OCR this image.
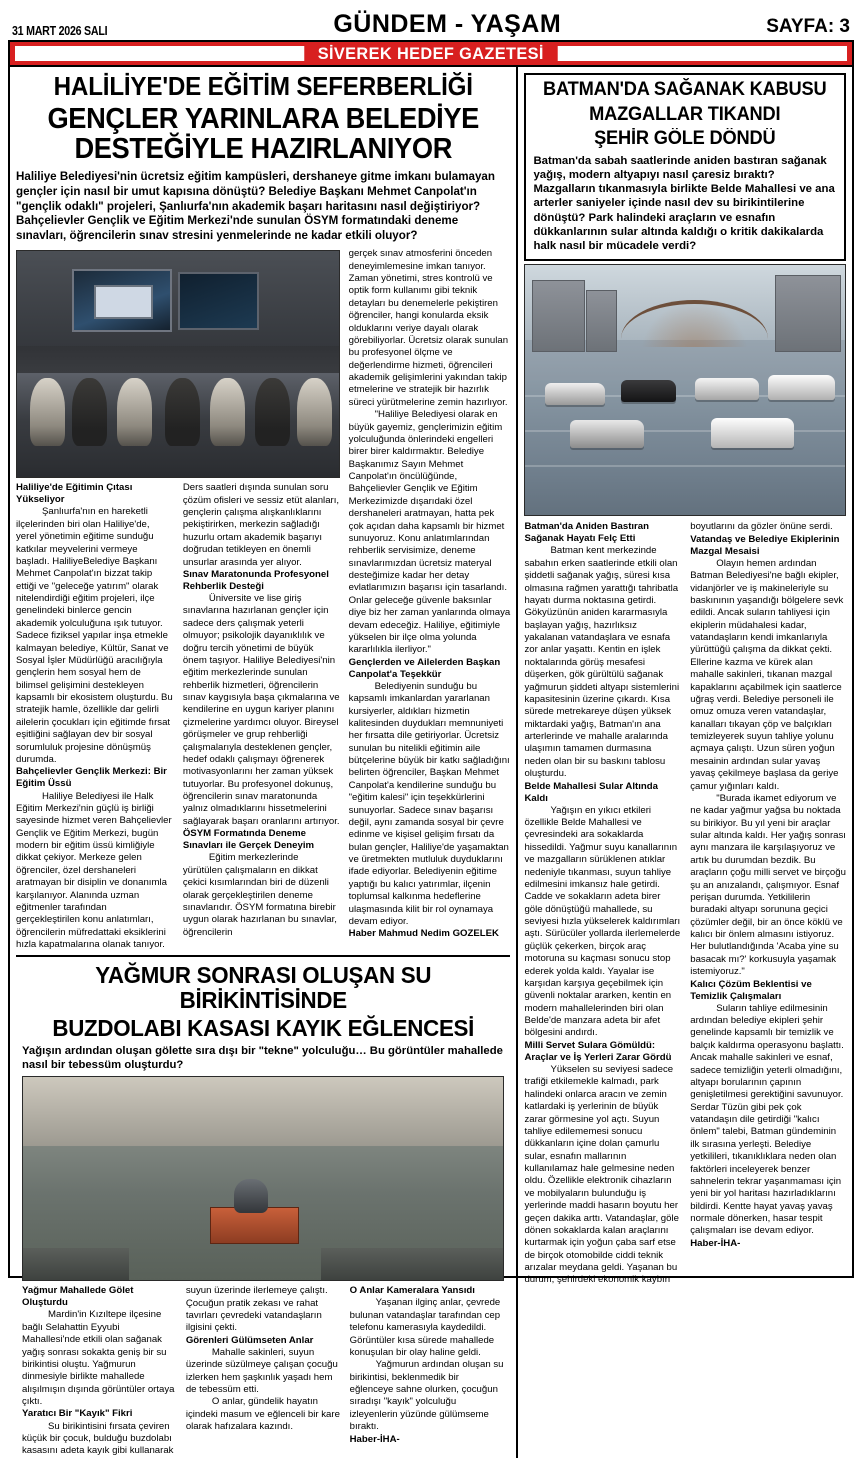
31 MART 2026 SALI	GÜNDEM - YAŞAM	SAYFA: 3
SİVEREK HEDEF GAZETESİ
HALİLİYE'DE EĞİTİM SEFERBERLİĞİ
GENÇLER YARINLARA BELEDİYE DESTEĞİYLE HAZIRLANIYOR

Haliliye Belediyesi'nin ücretsiz eğitim kampüsleri, dershaneye gitme imkanı bulamayan gençler için nasıl bir umut kapısına dönüştü? Belediye Başkanı Mehmet Canpolat'ın "gençlik odaklı" projeleri, Şanlıurfa'nın akademik başarı haritasını nasıl değiştiriyor? Bahçelievler Gençlik ve Eğitim Merkezi'nde sunulan ÖSYM formatındaki deneme sınavları, öğrencilerin sınav stresini yenmelerinde ne kadar etkili oluyor?

Haliliye'de Eğitimin Çıtası Yükseliyor

Şanlıurfa'nın en hareketli ilçelerinden biri olan Haliliye'de, yerel yönetimin eğitime sunduğu katkılar meyvelerini vermeye başladı. HaliliyeBelediye Başkanı Mehmet Canpolat'ın bizzat takip ettiği ve "geleceğe yatırım" olarak nitelendirdiği eğitim projeleri, ilçe genelindeki binlerce gencin akademik yolculuğuna ışık tutuyor. Sadece fiziksel yapılar inşa etmekle kalmayan belediye, Kültür, Sanat ve Sosyal İşler Müdürlüğü aracılığıyla gençlerin hem sosyal hem de bilimsel gelişimini destekleyen kapsamlı bir ekosistem oluşturdu. Bu stratejik hamle, özellikle dar gelirli ailelerin çocukları için eğitimde fırsat eşitliğini sağlayan dev bir sosyal sorumluluk projesine dönüşmüş durumda.

Bahçelievler Gençlik Merkezi: Bir Eğitim Üssü

Haliliye Belediyesi ile Halk Eğitim Merkezi'nin güçlü iş birliği sayesinde hizmet veren Bahçelievler Gençlik ve Eğitim Merkezi, bugün modern bir eğitim üssü kimliğiyle dikkat çekiyor. Merkeze gelen öğrenciler, özel dershaneleri aratmayan bir disiplin ve donanımla karşılanıyor. Alanında uzman eğitmenler tarafından gerçekleştirilen konu anlatımları, öğrencilerin müfredattaki eksiklerini hızla kapatmalarına olanak tanıyor.

Ders saatleri dışında sunulan soru çözüm ofisleri ve sessiz etüt alanları, gençlerin çalışma alışkanlıklarını pekiştirirken, merkezin sağladığı huzurlu ortam akademik başarıyı doğrudan tetikleyen en önemli unsurlar arasında yer alıyor.

Sınav Maratonunda Profesyonel Rehberlik Desteği

Üniversite ve lise giriş sınavlarına hazırlanan gençler için sadece ders çalışmak yeterli olmuyor; psikolojik dayanıklılık ve doğru tercih yönetimi de büyük önem taşıyor. Haliliye Belediyesi'nin eğitim merkezlerinde sunulan rehberlik hizmetleri, öğrencilerin sınav kaygısıyla başa çıkmalarına ve kendilerine en uygun kariyer planını çizmelerine yardımcı oluyor. Bireysel görüşmeler ve grup rehberliği çalışmalarıyla desteklenen gençler, hedef odaklı çalışmayı öğrenerek motivasyonlarını her zaman yüksek tutuyorlar. Bu profesyonel dokunuş, öğrencilerin sınav maratonunda yalnız olmadıklarını hissetmelerini sağlayarak başarı oranlarını artırıyor.

ÖSYM Formatında Deneme Sınavları ile Gerçek Deneyim

Eğitim merkezlerinde yürütülen çalışmaların en dikkat çekici kısımlarından biri de düzenli olarak gerçekleştirilen deneme sınavlarıdır. ÖSYM formatına birebir uygun olarak hazırlanan bu sınavlar, öğrencilerin

gerçek sınav atmosferini önceden deneyimlemesine imkan tanıyor. Zaman yönetimi, stres kontrolü ve optik form kullanımı gibi teknik detayları bu denemelerle pekiştiren öğrenciler, hangi konularda eksik olduklarını veriye dayalı olarak görebiliyorlar. Ücretsiz olarak sunulan bu profesyonel ölçme ve değerlendirme hizmeti, öğrencileri akademik gelişimlerini yakından takip etmelerine ve stratejik bir hazırlık süreci yürütmelerine zemin hazırlıyor.

"Haliliye Belediyesi olarak en büyük gayemiz, gençlerimizin eğitim yolculuğunda önlerindeki engelleri birer birer kaldırmaktır. Belediye Başkanımız Sayın Mehmet Canpolat'ın öncülüğünde, Bahçelievler Gençlik ve Eğitim Merkezimizde dışarıdaki özel dershaneleri aratmayan, hatta pek çok açıdan daha kapsamlı bir hizmet sunuyoruz. Konu anlatımlarından rehberlik servisimize, deneme sınavlarımızdan ücretsiz materyal desteğimize kadar her detay evlatlarımızın başarısı için tasarlandı. Onlar geleceğe güvenle baksınlar diye biz her zaman yanlarında olmaya devam edeceğiz. Haliliye, eğitimiyle yükselen bir ilçe olma yolunda kararlılıkla ilerliyor."

Gençlerden ve Ailelerden Başkan Canpolat'a Teşekkür

Belediyenin sunduğu bu kapsamlı imkanlardan yararlanan kursiyerler, aldıkları hizmetin kalitesinden duydukları memnuniyeti her fırsatta dile getiriyorlar. Ücretsiz sunulan bu nitelikli eğitimin aile bütçelerine büyük bir katkı sağladığını belirten öğrenciler, Başkan Mehmet Canpolat'a kendilerine sunduğu bu "eğitim kalesi" için teşekkürlerini sunuyorlar. Sadece sınav başarısı değil, aynı zamanda sosyal bir çevre edinme ve kişisel gelişim fırsatı da bulan gençler, Haliliye'de yaşamaktan ve üretmekten mutluluk duyduklarını ifade ediyorlar. Belediyenin eğitime yaptığı bu kalıcı yatırımlar, ilçenin toplumsal kalkınma hedeflerine ulaşmasında kilit bir rol oynamaya devam ediyor.

Haber Mahmud Nedim GOZELEK

YAĞMUR SONRASI OLUŞAN SU BİRİKİNTİSİNDE
BUZDOLABI KASASI KAYIK EĞLENCESİ

Yağışın ardından oluşan gölette sıra dışı bir "tekne" yolculuğu… Bu görüntüler mahallede nasıl bir tebessüm oluşturdu?

Yağmur Mahallede Gölet Oluşturdu

Mardin'in Kızıltepe ilçesine bağlı Selahattin Eyyubi Mahallesi'nde etkili olan sağanak yağış sonrası sokakta geniş bir su birikintisi oluştu. Yağmurun dinmesiyle birlikte mahallede alışılmışın dışında görüntüler ortaya çıktı.

Yaratıcı Bir "Kayık" Fikri

Su birikintisini fırsata çeviren küçük bir çocuk, bulduğu buzdolabı kasasını adeta kayık gibi kullanarak

suyun üzerinde ilerlemeye çalıştı. Çocuğun pratik zekası ve rahat tavırları çevredeki vatandaşların ilgisini çekti.

Görenleri Gülümseten Anlar

Mahalle sakinleri, suyun üzerinde süzülmeye çalışan çocuğu izlerken hem şaşkınlık yaşadı hem de tebessüm etti.

O anlar, gündelik hayatın içindeki masum ve eğlenceli bir kare olarak hafızalara kazındı.

O Anlar Kameralara Yansıdı

Yaşanan ilginç anlar, çevrede bulunan vatandaşlar tarafından cep telefonu kamerasıyla kaydedildi. Görüntüler kısa sürede mahallede konuşulan bir olay haline geldi.

Yağmurun ardından oluşan su birikintisi, beklenmedik bir eğlenceye sahne olurken, çocuğun sıradışı "kayık" yolculuğu izleyenlerin yüzünde gülümseme bıraktı.

Haber-İHA-

BATMAN'DA SAĞANAK KABUSU
MAZGALLAR TIKANDI
ŞEHİR GÖLE DÖNDÜ

Batman'da sabah saatlerinde aniden bastıran sağanak yağış, modern altyapıyı nasıl çaresiz bıraktı? Mazgalların tıkanmasıyla birlikte Belde Mahallesi ve ana arterler saniyeler içinde nasıl dev su birikintilerine dönüştü? Park halindeki araçların ve esnafın dükkanlarının sular altında kaldığı o kritik dakikalarda halk nasıl bir mücadele verdi?

Batman'da Aniden Bastıran Sağanak Hayatı Felç Etti

Batman kent merkezinde sabahın erken saatlerinde etkili olan şiddetli sağanak yağış, süresi kısa olmasına rağmen yarattığı tahribatla hayatı durma noktasına getirdi. Gökyüzünün aniden kararmasıyla başlayan yağış, hazırlıksız yakalanan vatandaşlara ve esnafa zor anlar yaşattı. Kentin en işlek noktalarında görüş mesafesi düşerken, gök gürültülü sağanak yağmurun şiddeti altyapı sistemlerini kapasitesinin üzerine çıkardı. Kısa sürede metrekareye düşen yüksek miktardaki yağış, Batman'ın ana arterlerinde ve mahalle aralarında ulaşımın tamamen durmasına neden olan bir su baskını tablosu oluşturdu.

Belde Mahallesi Sular Altında Kaldı

Yağışın en yıkıcı etkileri özellikle Belde Mahallesi ve çevresindeki ara sokaklarda hissedildi. Yağmur suyu kanallarının ve mazgalların sürüklenen atıklar nedeniyle tıkanması, suyun tahliye edilmesini imkansız hale getirdi. Cadde ve sokakların adeta birer göle dönüştüğü mahallede, su seviyesi hızla yükselerek kaldırımları aştı. Sürücüler yollarda ilerlemelerde güçlük çekerken, birçok araç motoruna su kaçması sonucu stop ederek yolda kaldı. Yayalar ise karşıdan karşıya geçebilmek için güvenli noktalar ararken, kentin en modern mahallelerinden biri olan Belde'de manzara adeta bir afet bölgesini andırdı.

Milli Servet Sulara Gömüldü: Araçlar ve İş Yerleri Zarar Gördü

Yükselen su seviyesi sadece trafiği etkilemekle kalmadı, park halindeki onlarca aracın ve zemin katlardaki iş yerlerinin de büyük zarar görmesine yol açtı. Suyun tahliye edilememesi sonucu dükkanların içine dolan çamurlu sular, esnafın mallarının kullanılamaz hale gelmesine neden oldu. Özellikle elektronik cihazların ve mobilyaların bulunduğu iş yerlerinde maddi hasarın boyutu her geçen dakika arttı. Vatandaşlar, göle dönen sokaklarda kalan araçlarını kurtarmak için yoğun çaba sarf etse de birçok otomobilde ciddi teknik arızalar meydana geldi. Yaşanan bu durum, şehirdeki ekonomik kaybın

boyutlarını da gözler önüne serdi.

Vatandaş ve Belediye Ekiplerinin Mazgal Mesaisi

Olayın hemen ardından Batman Belediyesi'ne bağlı ekipler, vidanjörler ve iş makineleriyle su baskınının yaşandığı bölgelere sevk edildi. Ancak suların tahliyesi için ekiplerin müdahalesi kadar, vatandaşların kendi imkanlarıyla yürüttüğü çalışma da dikkat çekti. Ellerine kazma ve kürek alan mahalle sakinleri, tıkanan mazgal kapaklarını açabilmek için saatlerce uğraş verdi. Belediye personeli ile omuz omuza veren vatandaşlar, kanalları tıkayan çöp ve balçıkları temizleyerek suyun tahliye yolunu açmaya çalıştı. Uzun süren yoğun mesainin ardından sular yavaş yavaş çekilmeye başlasa da geriye çamur yığınları kaldı.

"Burada ikamet ediyorum ve ne kadar yağmur yağsa bu noktada su birikiyor. Bu yıl yeni bir araçlar sular altında kaldı. Her yağış sonrası aynı manzara ile karşılaşıyoruz ve artık bu durumdan bezdik. Bu araçların çoğu milli servet ve birçoğu şu an anızalandı, çalışmıyor. Esnaf perişan durumda. Yetkililerin buradaki altyapı sorununa geçici çözümler değil, bir an önce köklü ve kalıcı bir önlem almasını istiyoruz. Her bulutlandığında 'Acaba yine su basacak mı?' korkusuyla yaşamak istemiyoruz."

Kalıcı Çözüm Beklentisi ve Temizlik Çalışmaları

Suların tahliye edilmesinin ardından belediye ekipleri şehir genelinde kapsamlı bir temizlik ve balçık kaldırma operasyonu başlattı. Ancak mahalle sakinleri ve esnaf, sadece temizliğin yeterli olmadığını, altyapı borularının çapının genişletilmesi gerektiğini savunuyor. Serdar Tüzün gibi pek çok vatandaşın dile getirdiği "kalıcı önlem" talebi, Batman gündeminin ilk sırasına yerleşti. Belediye yetkilileri, tıkanıklıklara neden olan faktörleri inceleyerek benzer sahnelerin tekrar yaşanmaması için yeni bir yol haritası hazırladıklarını bildirdi. Kentte hayat yavaş yavaş normale dönerken, hasar tespit çalışmaları ise devam ediyor.

Haber-İHA-
